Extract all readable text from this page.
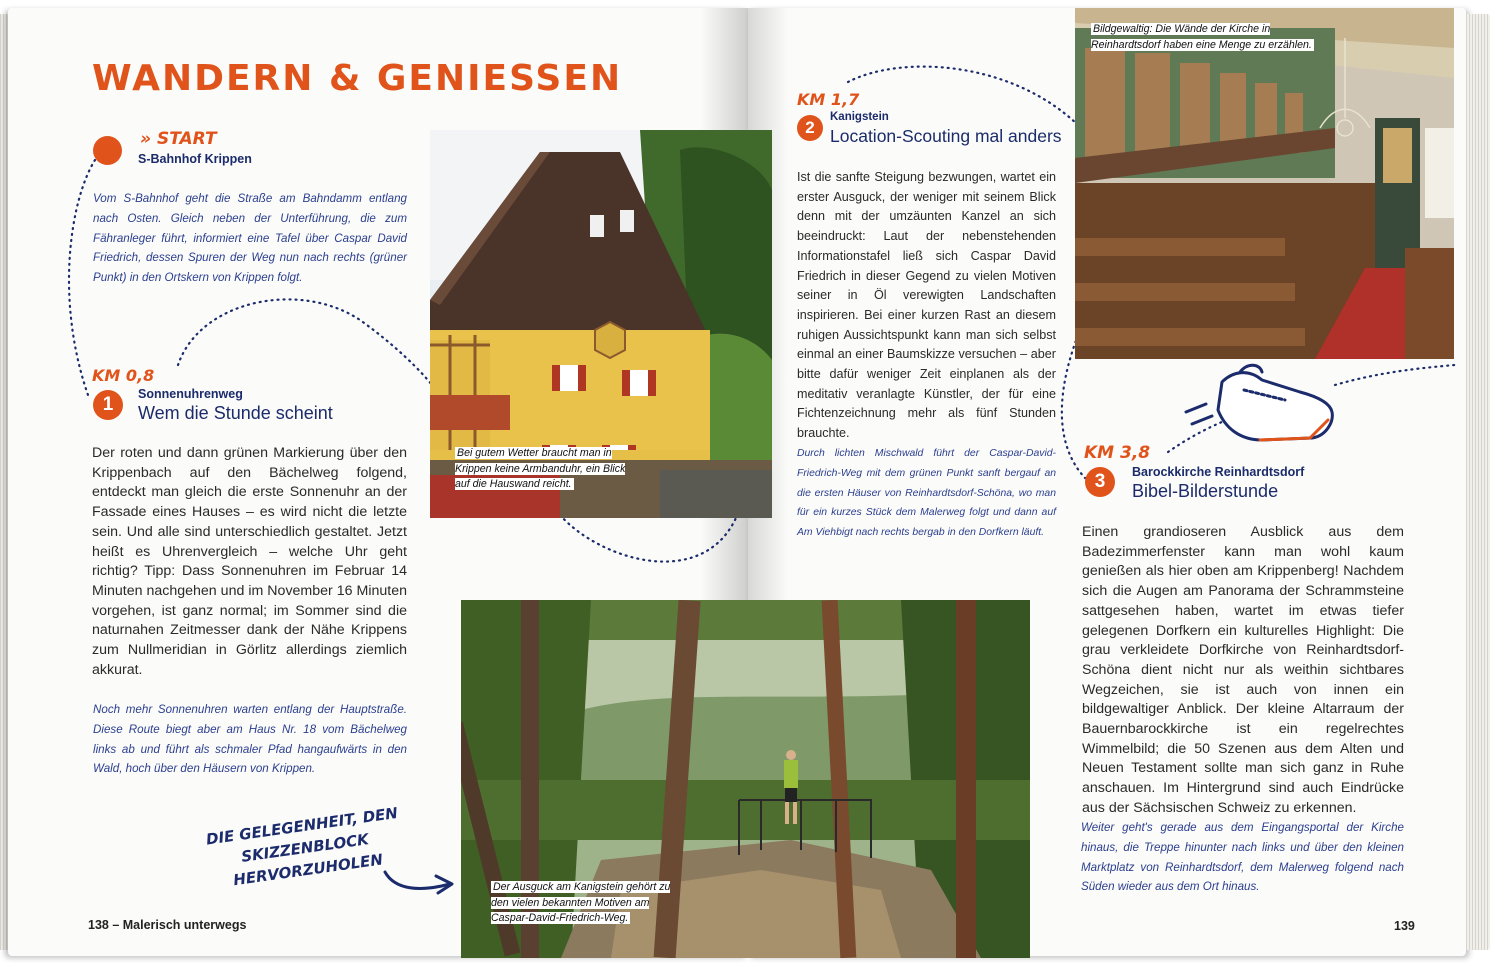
WANDERN & GENIESSEN
» START
S-Bahnhof Krippen
Vom S-Bahnhof geht die Straße am Bahndamm entlang nach Osten. Gleich neben der Unterführung, die zum Fähranleger führt, informiert eine Tafel über Caspar David Friedrich, dessen Spuren der Weg nun nach rechts (grüner Punkt) in den Ortskern von Krippen folgt.
KM 0,8
1	Sonnenuhrenweg
Wem die Stunde scheint
Der roten und dann grünen Markierung über den Krippenbach auf den Bächelweg folgend, entdeckt man gleich die erste Sonnenuhr an der Fassade eines Hauses – es wird nicht die letzte sein. Und alle sind unterschiedlich gestaltet. Jetzt heißt es Uhrenvergleich – welche Uhr geht richtig? Tipp: Dass Sonnenuhren im Februar 14 Minuten nachgehen und im November 16 Minuten vorgehen, ist ganz normal; im Sommer sind die naturnahen Zeitmesser dank der Nähe Krippens zum Nullmeridian in Görlitz allerdings ziemlich akkurat.
Noch mehr Sonnenuhren warten entlang der Hauptstraße. Diese Route biegt aber am Haus Nr. 18 vom Bächelweg links ab und führt als schmaler Pfad hangaufwärts in den Wald, hoch über den Häusern von Krippen.
Bei gutem Wetter braucht man in Krippen keine Armbanduhr, ein Blick auf die Hauswand reicht.
Der Ausguck am Kanigstein gehört zu den vielen bekannten Motiven am Caspar-David-Friedrich-Weg.
DIE GELEGENHEIT, DEN SKIZZENBLOCK HERVORZUHOLEN
138 – Malerisch unterwegs
KM 1,7
2
Kanigstein
Location-Scouting mal anders
Ist die sanfte Steigung bezwungen, wartet ein erster Ausguck, der weniger mit seinem Blick denn mit der umzäunten Kanzel an sich beeindruckt: Laut der nebenstehenden Informationstafel ließ sich Caspar David Friedrich in dieser Gegend zu vielen Motiven seiner in Öl verewigten Landschaften inspirieren. Bei einer kurzen Rast an diesem ruhigen Aussichtspunkt kann man sich selbst einmal an einer Baumskizze versuchen – aber bitte dafür weniger Zeit einplanen als der meditativ veranlagte Künstler, der für eine Fichtenzeichnung mehr als fünf Stunden brauchte.
Durch lichten Mischwald führt der Caspar-David-Friedrich-Weg mit dem grünen Punkt sanft bergauf an die ersten Häuser von Reinhardtsdorf-Schöna, wo man für ein kurzes Stück dem Malerweg folgt und dann auf Am Viehbigt nach rechts bergab in den Dorfkern läuft.
Bildgewaltig: Die Wände der Kirche in Reinhardtsdorf haben eine Menge zu erzählen.
KM 3,8
3	Barockkirche Reinhardtsdorf
Bibel-Bilderstunde
Einen grandioseren Ausblick aus dem Badezimmerfenster kann man wohl kaum genießen als hier oben am Krippenberg! Nachdem sich die Augen am Panorama der Schrammsteine sattgesehen haben, wartet im etwas tiefer gelegenen Dorfkern ein kulturelles Highlight: Die grau verkleidete Dorfkirche von Reinhardtsdorf-Schöna dient nicht nur als weithin sichtbares Wegzeichen, sie ist auch von innen ein bildgewaltiger Anblick. Der kleine Altarraum der Bauernbarockkirche ist ein regelrechtes Wimmelbild; die 50 Szenen aus dem Alten und Neuen Testament sollte man sich ganz in Ruhe anschauen. Im Hintergrund sind auch Eindrücke aus der Sächsischen Schweiz zu erkennen.
Weiter geht's gerade aus dem Eingangsportal der Kirche hinaus, die Treppe hinunter nach links und über den kleinen Marktplatz von Reinhardtsdorf, dem Malerweg folgend nach Süden wieder aus dem Ort hinaus.
139
